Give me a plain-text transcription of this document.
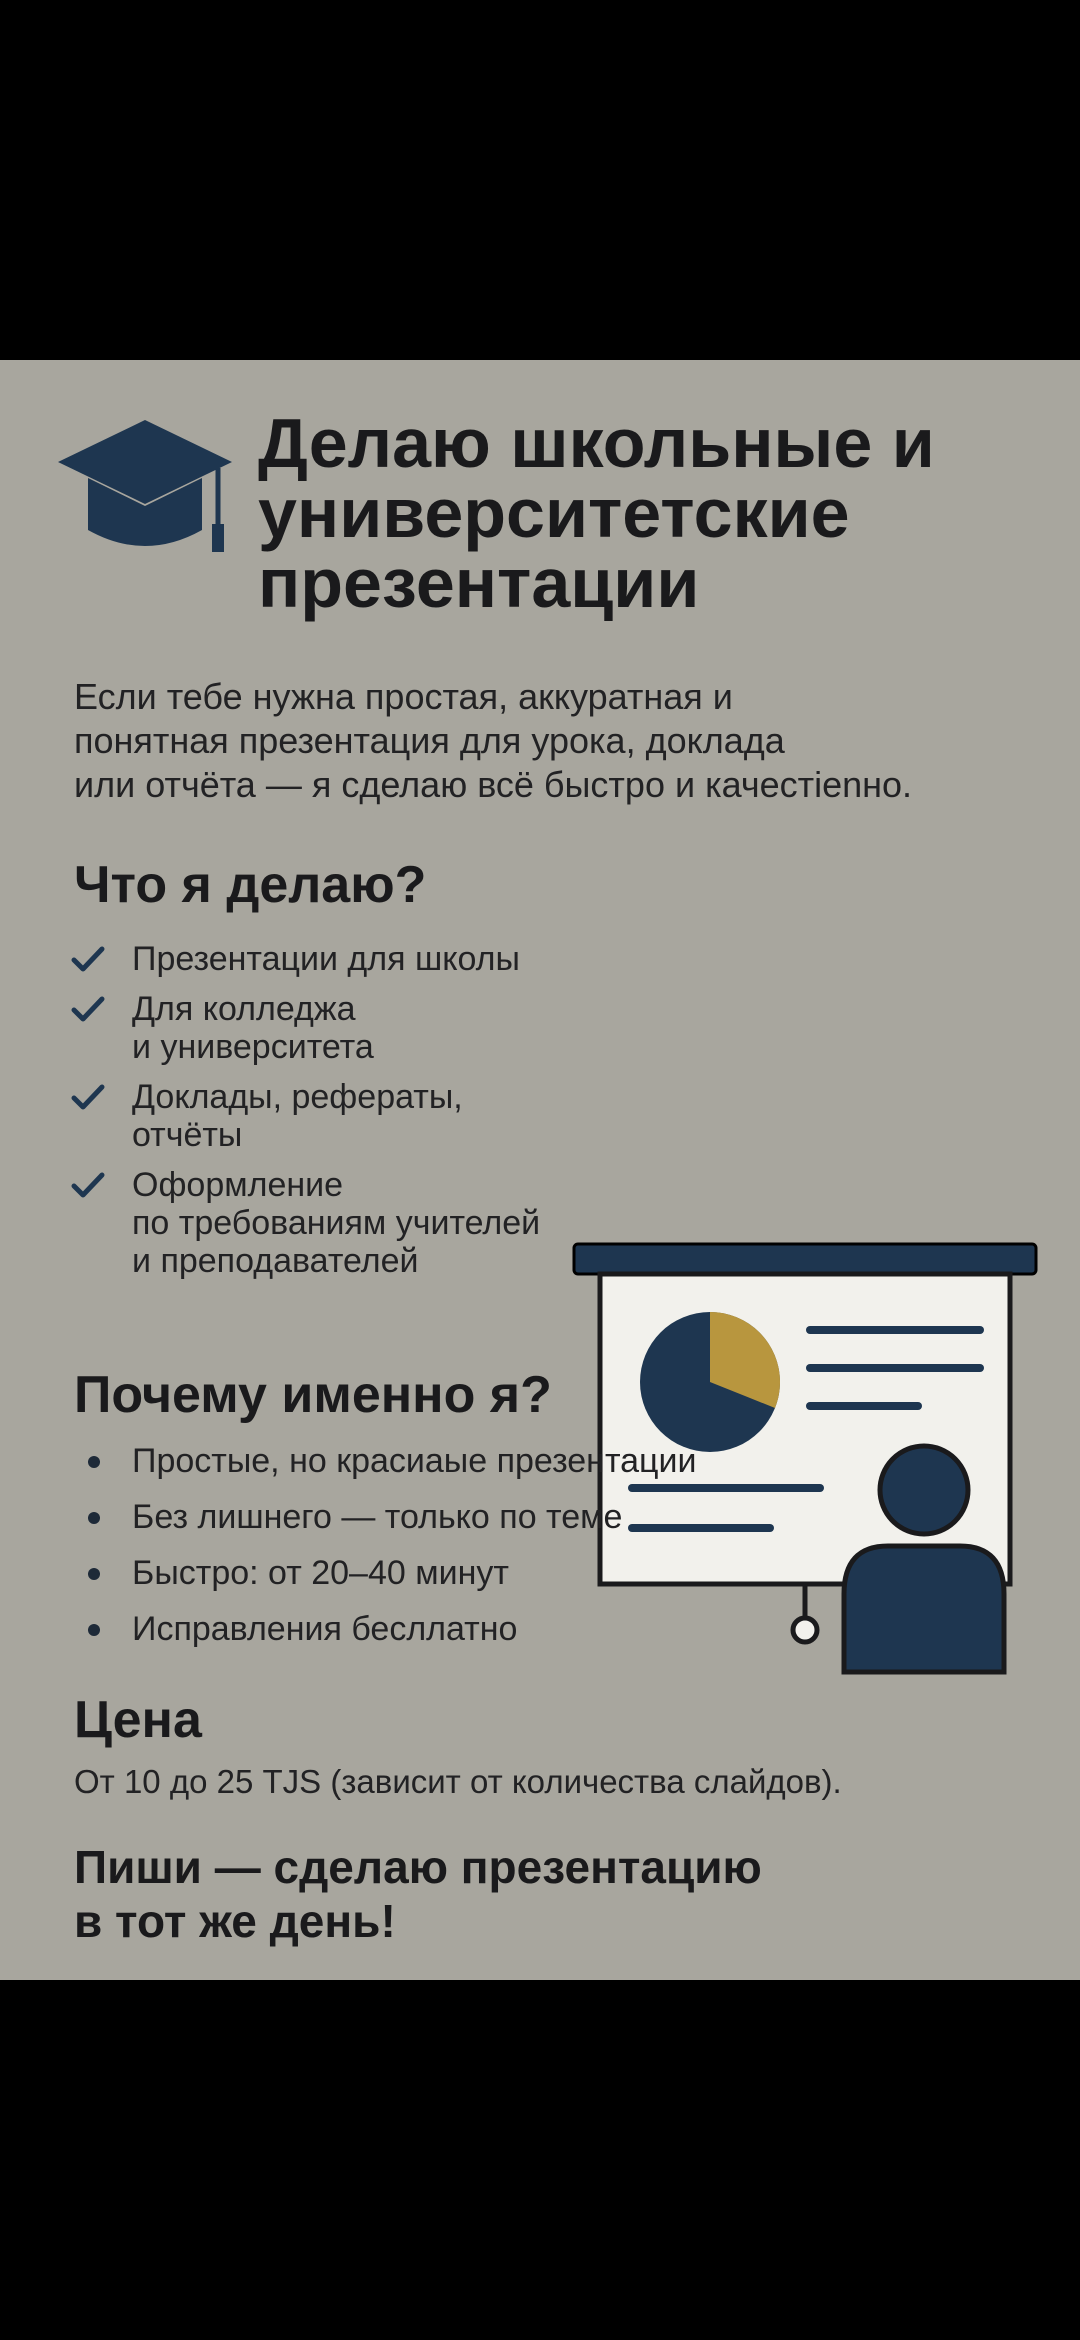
Делаю школьные и
университетские
презентации

Если тебе нужна простая, аккуратная и
понятная презентация для урока, доклада
или отчёта — я сделаю всё быстро и качестienно.

Что я делаю?
Презентации для школы
Для колледжа
и университета
Доклады, рефераты,
отчёты
Оформление
по требованиям учителей
и преподавателей
Почему именно я?
Простые, но красиаые презентации
Без лишнего — только по теме
Быстро: от 20–40 минут
Исправления бесллатно
Цена

От 10 до 25 TJS (зависит от количества слайдов).

Пиши — сделаю презентацию
в тот же день!
